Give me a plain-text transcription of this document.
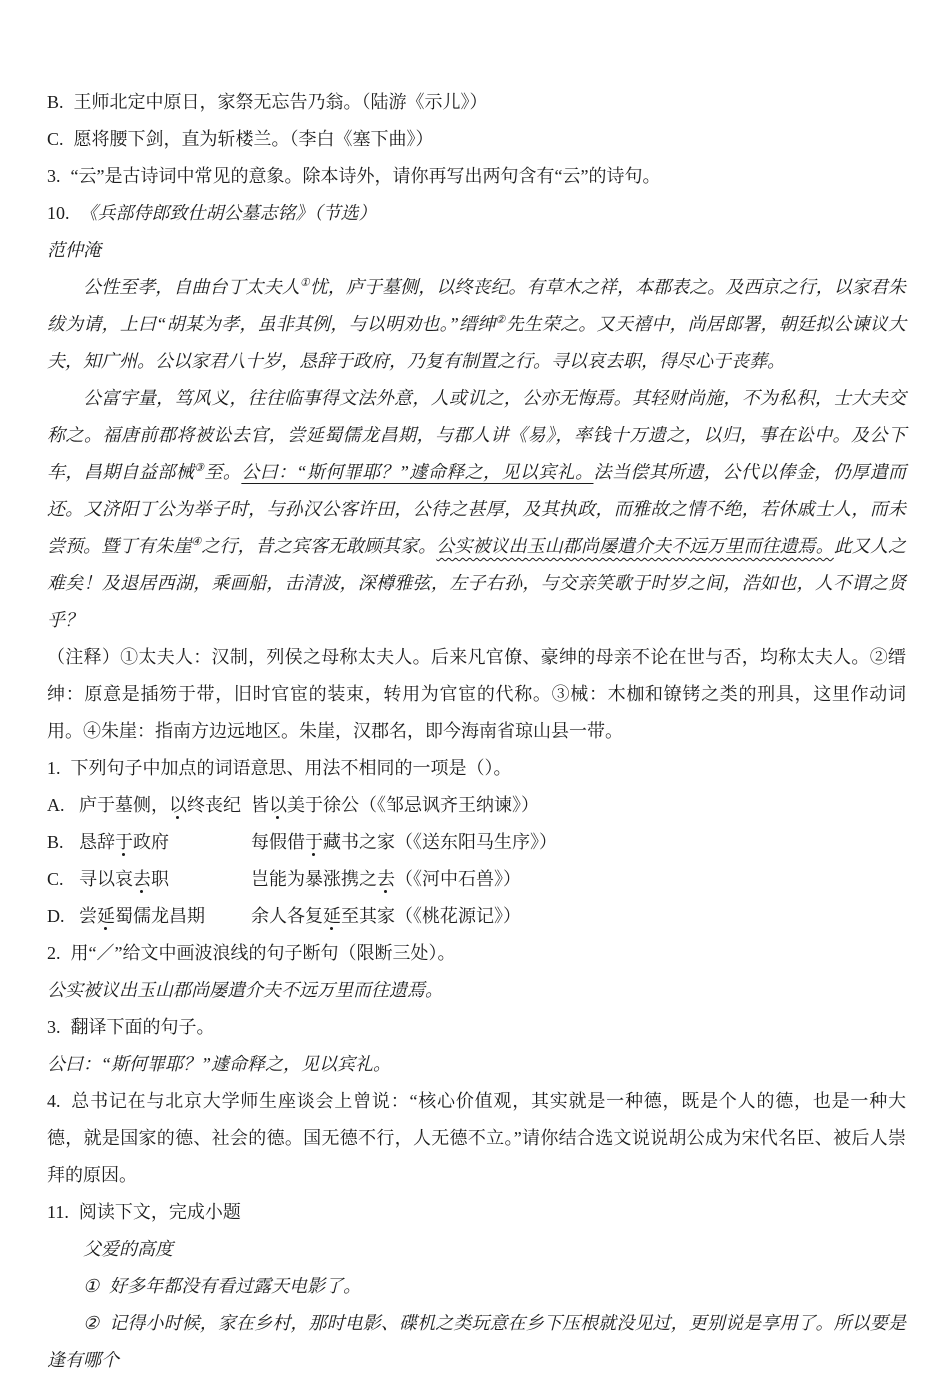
B. 王师北定中原日，家祭无忘告乃翁。（陆游《示儿》）

C. 愿将腰下剑，直为斩楼兰。（李白《塞下曲》）

3. “云”是古诗词中常见的意象。除本诗外，请你再写出两句含有“云”的诗句。

10. 《兵部侍郎致仕胡公墓志铭》（节选）

范仲淹

公性至孝，自曲台丁太夫人①忧，庐于墓侧，以终丧纪。有草木之祥，本郡表之。及西京之行，以家君朱绂为请，上曰“胡某为孝，虽非其例，与以明劝也。”缙绅②先生荣之。又天禧中，尚居郎署，朝廷拟公谏议大夫，知广州。公以家君八十岁，恳辞于政府，乃复有制置之行。寻以哀去职，得尽心于丧葬。

公富宇量，笃风义，往往临事得文法外意，人或讥之，公亦无悔焉。其轻财尚施，不为私积，士大夫交称之。福唐前郡将被讼去官，尝延蜀儒龙昌期，与郡人讲《易》，率钱十万遗之，以归，事在讼中。及公下车，昌期自益部械③至。公曰：“斯何罪耶？”遽命释之，见以宾礼。法当偿其所遗，公代以俸金，仍厚遣而还。又济阳丁公为举子时，与孙汉公客许田，公待之甚厚，及其执政，而雅故之情不绝，若休戚士人，而未尝预。暨丁有朱崖④之行，昔之宾客无敢顾其家。公实被议出玉山郡尚屡遣介夫不远万里而往遗焉。此又人之难矣！及退居西湖，乘画船，击清波，深樽雅弦，左子右孙，与交亲笑歌于时岁之间，浩如也，人不谓之贤乎？

（注释）①太夫人：汉制，列侯之母称太夫人。后来凡官僚、豪绅的母亲不论在世与否，均称太夫人。②缙绅：原意是插笏于带，旧时官宦的装束，转用为官宦的代称。③械：木枷和镣铐之类的刑具，这里作动词用。④朱崖：指南方边远地区。朱崖，汉郡名，即今海南省琼山县一带。

1. 下列句子中加点的词语意思、用法不相同的一项是（）。

A. 庐于墓侧，以终丧纪 皆以美于徐公（《邹忌讽齐王纳谏》）
B. 恳辞于政府	每假借于藏书之家（《送东阳马生序》）
C. 寻以哀去职	岂能为暴涨携之去（《河中石兽》）
D. 尝延蜀儒龙昌期	余人各复延至其家（《桃花源记》）

2. 用“／”给文中画波浪线的句子断句（限断三处）。

公实被议出玉山郡尚屡遣介夫不远万里而往遗焉。

3. 翻译下面的句子。

公曰：“斯何罪耶？”遽命释之，见以宾礼。

4. 总书记在与北京大学师生座谈会上曾说：“核心价值观，其实就是一种德，既是个人的德，也是一种大德，就是国家的德、社会的德。国无德不行，人无德不立。”请你结合选文说说胡公成为宋代名臣、被后人崇拜的原因。

11. 阅读下文，完成小题

父爱的高度

① 好多年都没有看过露天电影了。

② 记得小时候，家在乡村，那时电影、碟机之类玩意在乡下压根就没见过，更别说是享用了。所以要是逢有哪个
